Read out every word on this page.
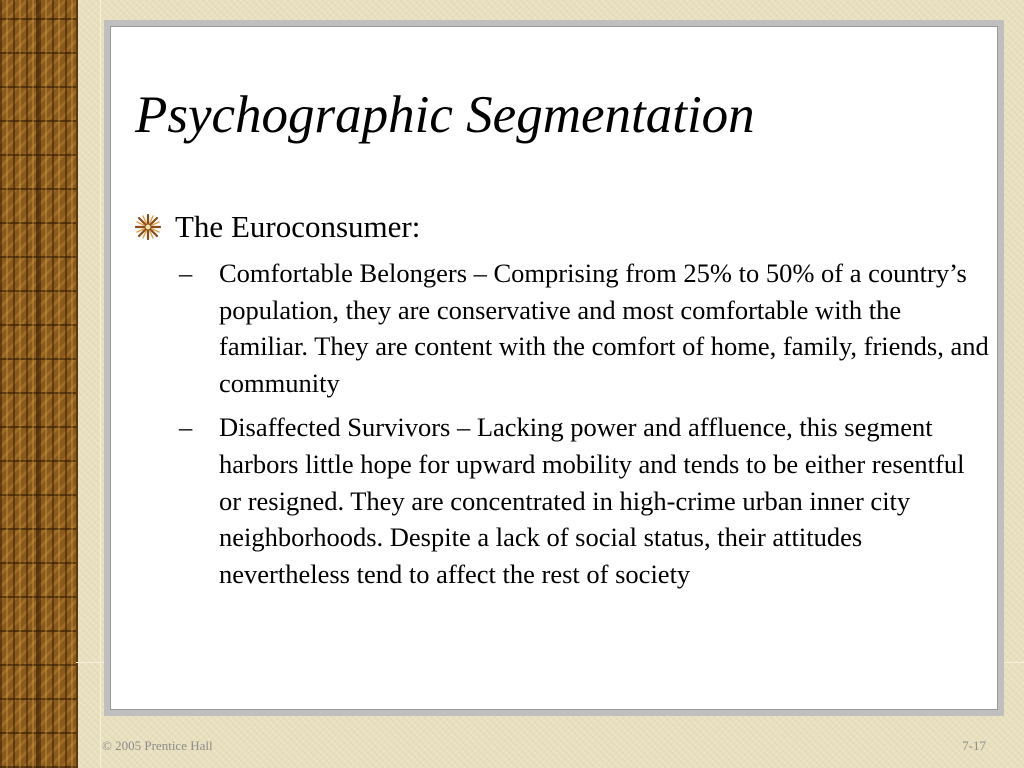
Psychographic Segmentation
The Euroconsumer:
– Comfortable Belongers – Comprising from 25% to 50% of a country’s population, they are conservative and most comfortable with the familiar. They are content with the comfort of home, family, friends, and community
– Disaffected Survivors – Lacking power and affluence, this segment harbors little hope for upward mobility and tends to be either resentful or resigned. They are concentrated in high-crime urban inner city neighborhoods. Despite a lack of social status, their attitudes nevertheless tend to affect the rest of society
© 2005 Prentice Hall	7-17
